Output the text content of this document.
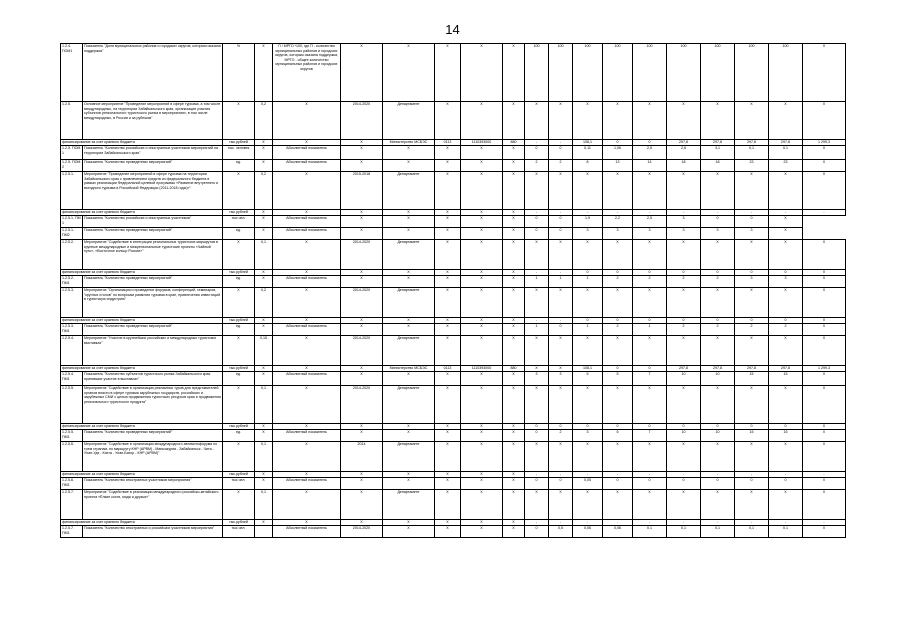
14
1.2.4. ПОМ1	Показатель "Доля муниципальных районов и городских округов, которым оказана поддержка"	%	X	П / МРГО *100, где П - количество муниципальных районов и городских округов, которым оказана поддержка, МРГО - общее количество муниципальных районов и городских округов	X	X	X	X	X	100	100	100	100	100	100	100	100	100	X
1.2.5.	Основное мероприятие "Проведение мероприятий в сфере туризма, а том числе международных, на территории Забайкальского края, организация участия субъектов регионального туристского рынка в мероприятиях, в том числе международных, в России и за рубежом"	X	0,2	X	2014-2020	Департамент	X	X	X	X	X	X	X	X	X	X	X	X	X
финансирование за счет краевого бюджета		тыс.рублей	X	X	X	Министерство МСБЭС	0113	1110393000	880	-	-	108,1	0	0	297,8	297,8	297,8	297,8	1 299,3
1.2.5. ПОМ 1	Показатель "Количество российских и иностранных участников мероприятий на территории Забайкальского края"	тыс. человек	X	Абсолютный показатель	X	X	X	X	X	0	0	0,11	1,06	2,5	2,6	3,1	0,1	0,1	X
1.2.5. ПОМ 2	Показатель "Количество проведенных мероприятий"	ед.	X	Абсолютный показатель	X	X	X	X	X	2	2	8	13	14	18	18	23	23	X
1.2.5.1.	Мероприятие "Проведение мероприятий в сфере туризма на территории Забайкальского края с привлечением средств из федерального бюджета в рамках реализации Федеральной целевой программы «Развитие внутреннего и въездного туризма в Российской Федерации (2011-2018 годы)»"	X	0,2	X	2015-2018	Департамент	X	X	X	X	X	X	X	X	X	X	X	X	X
финансирование за счет краевого бюджета		тыс.рублей	X	X	X	X	X	X	X	-	-	-	-	-	-	-	-	-	-
1.2.5.1. ПМ 1	Показатель "Количество российских и иностранных участников"	тыс.чел.	X	Абсолютный показатель	X	X	X	X	X	0	0	1,9	2,2	2,5	3	0	0	X	
1.2.5.1. ПМ2	Показатель "Количество проведенных мероприятий"	ед.	X	Абсолютный показатель	X	X	X	X	X	0	0	3	3	3	3	3	3	X	
1.2.5.2.	Мероприятие "Содействие в интеграции региональных туристских маршрутов в крупные международные и межрегиональные туристские проекты «Чайный путь», «Восточное кольцо России»"	X	0,1	X	2014-2020	Департамент	X	X	X	X	X	X	X	X	X	X	X	X	X
финансирование за счет краевого бюджета		тыс.рублей	X	X	X	X	X	X	X	-	-	0	0	0	0	0	0	0	0
1.2.5.2. ПМ1	Показатель "Количество проведенных мероприятий"	ед.	X	Абсолютный показатель	X	X	X	X	X	1	1	1	2	2	2	2	3	3	X
1.2.5.3.	Мероприятие "Организация и проведение форумов, конференций, семинаров, "круглых столов" по вопросам развития туризма в крае, привлечения инвестиций в туристскую индустрию"	X	0,2	X	2014-2020	Департамент	X	X	X	X	X	X	X	X	X	X	X	X	X
финансирование за счет краевого бюджета		тыс.рублей	X	X	X	X	X	X	X	-	-	0	0	0	0	0	0	0	0
1.2.5.3. ПМ1	Показатель "Количество проведенных мероприятий"	ед.	X	Абсолютный показатель	X	X	X	X	X	1	0	1	2	1	2	2	2	2	X
1.2.5.4.	Мероприятие "Участие в крупнейших российских и международных туристских выставках"	X	0,15	X	2014-2020	Департамент	X	X	X	X	X	X	X	X	X	X	X	X	X
финансирование за счет краевого бюджета		тыс.рублей	X	X	X	Министерство МСБЭС	0113	1110393000	880	X	X	108,1	0	0	297,8	297,8	297,8	297,8	1 299,3
1.2.5.4. ПМ1	Показатель "Количество субъектов туристского рынка Забайкальского края принявших участие в выставках"	ед.	X	Абсолютный показатель	X	X	X	X	X	3	3	5	5	7	10	10	15	15	X
1.2.5.5.	Мероприятие "Содействие в организации рекламных туров для представителей органов власти в сфере туризма зарубежных государств, российских и зарубежных СМИ с целью продвижения туристских ресурсов края и продвижения регионального туристского продукта"	X	0,1	X	2014-2020	Департамент	X	X	X	X	X	X	X	X	X	X	X	X	X
финансирование за счет краевого бюджета		тыс.рублей	X	X	X	X	X	X	X	0	0	0	0	0	0	0	0	0	0
1.2.5.5. ПМ1	Показатель "Количество проведенных мероприятий"	ед.	X	Абсолютный показатель	X	X	X	X	X	0	2	3	5	7	10	10	15	15	X
1.2.5.6.	Мероприятие "Содействие в организации международного автомотофорума по трем странам, по маршруту КНР (АРВМ) - Маньчжурия - Забайкальск - Чита - Улан-Удэ - Кяхта - Улан-Батор - КНР (АРВМ)"	X	0,1	X	2014	Департамент	X	X	X	X	X	X	X	X	X	X	X	X	X
финансирование за счет краевого бюджета		тыс.рублей	X	X	X	X	X	X	X	-	-	-	-	-	-	-	-	-	-
1.2.5.6. ПМ1	Показатель "Количество иностранных участников мероприятия"	тыс.чел.	X	Абсолютный показатель	X	X	X	X	X	0	0	0,05	0	0	0	0	0	0	X
1.2.5.7.	Мероприятие "Содействие в реализации международного российско-китайского проекта «Ёлкие кости, мода и друзья»"	X	0,1	X	X	Департамент	X	X	X	X	X	X	X	X	X	X	X	X	X
финансирование за счет краевого бюджета		тыс.рублей	X	X	X	X	X	X	X	-	-	-	-	-	-	-	-	-	-
1.2.5.7. ПМ1	Показатель "Количество иностранных и российских участников мероприятия"	тыс.чел.		Абсолютный показатель	2014-2020	X	X	X	X	0	0,5	0,06	0,06	0,1	0,1	0,1	0,1	0,1	X
